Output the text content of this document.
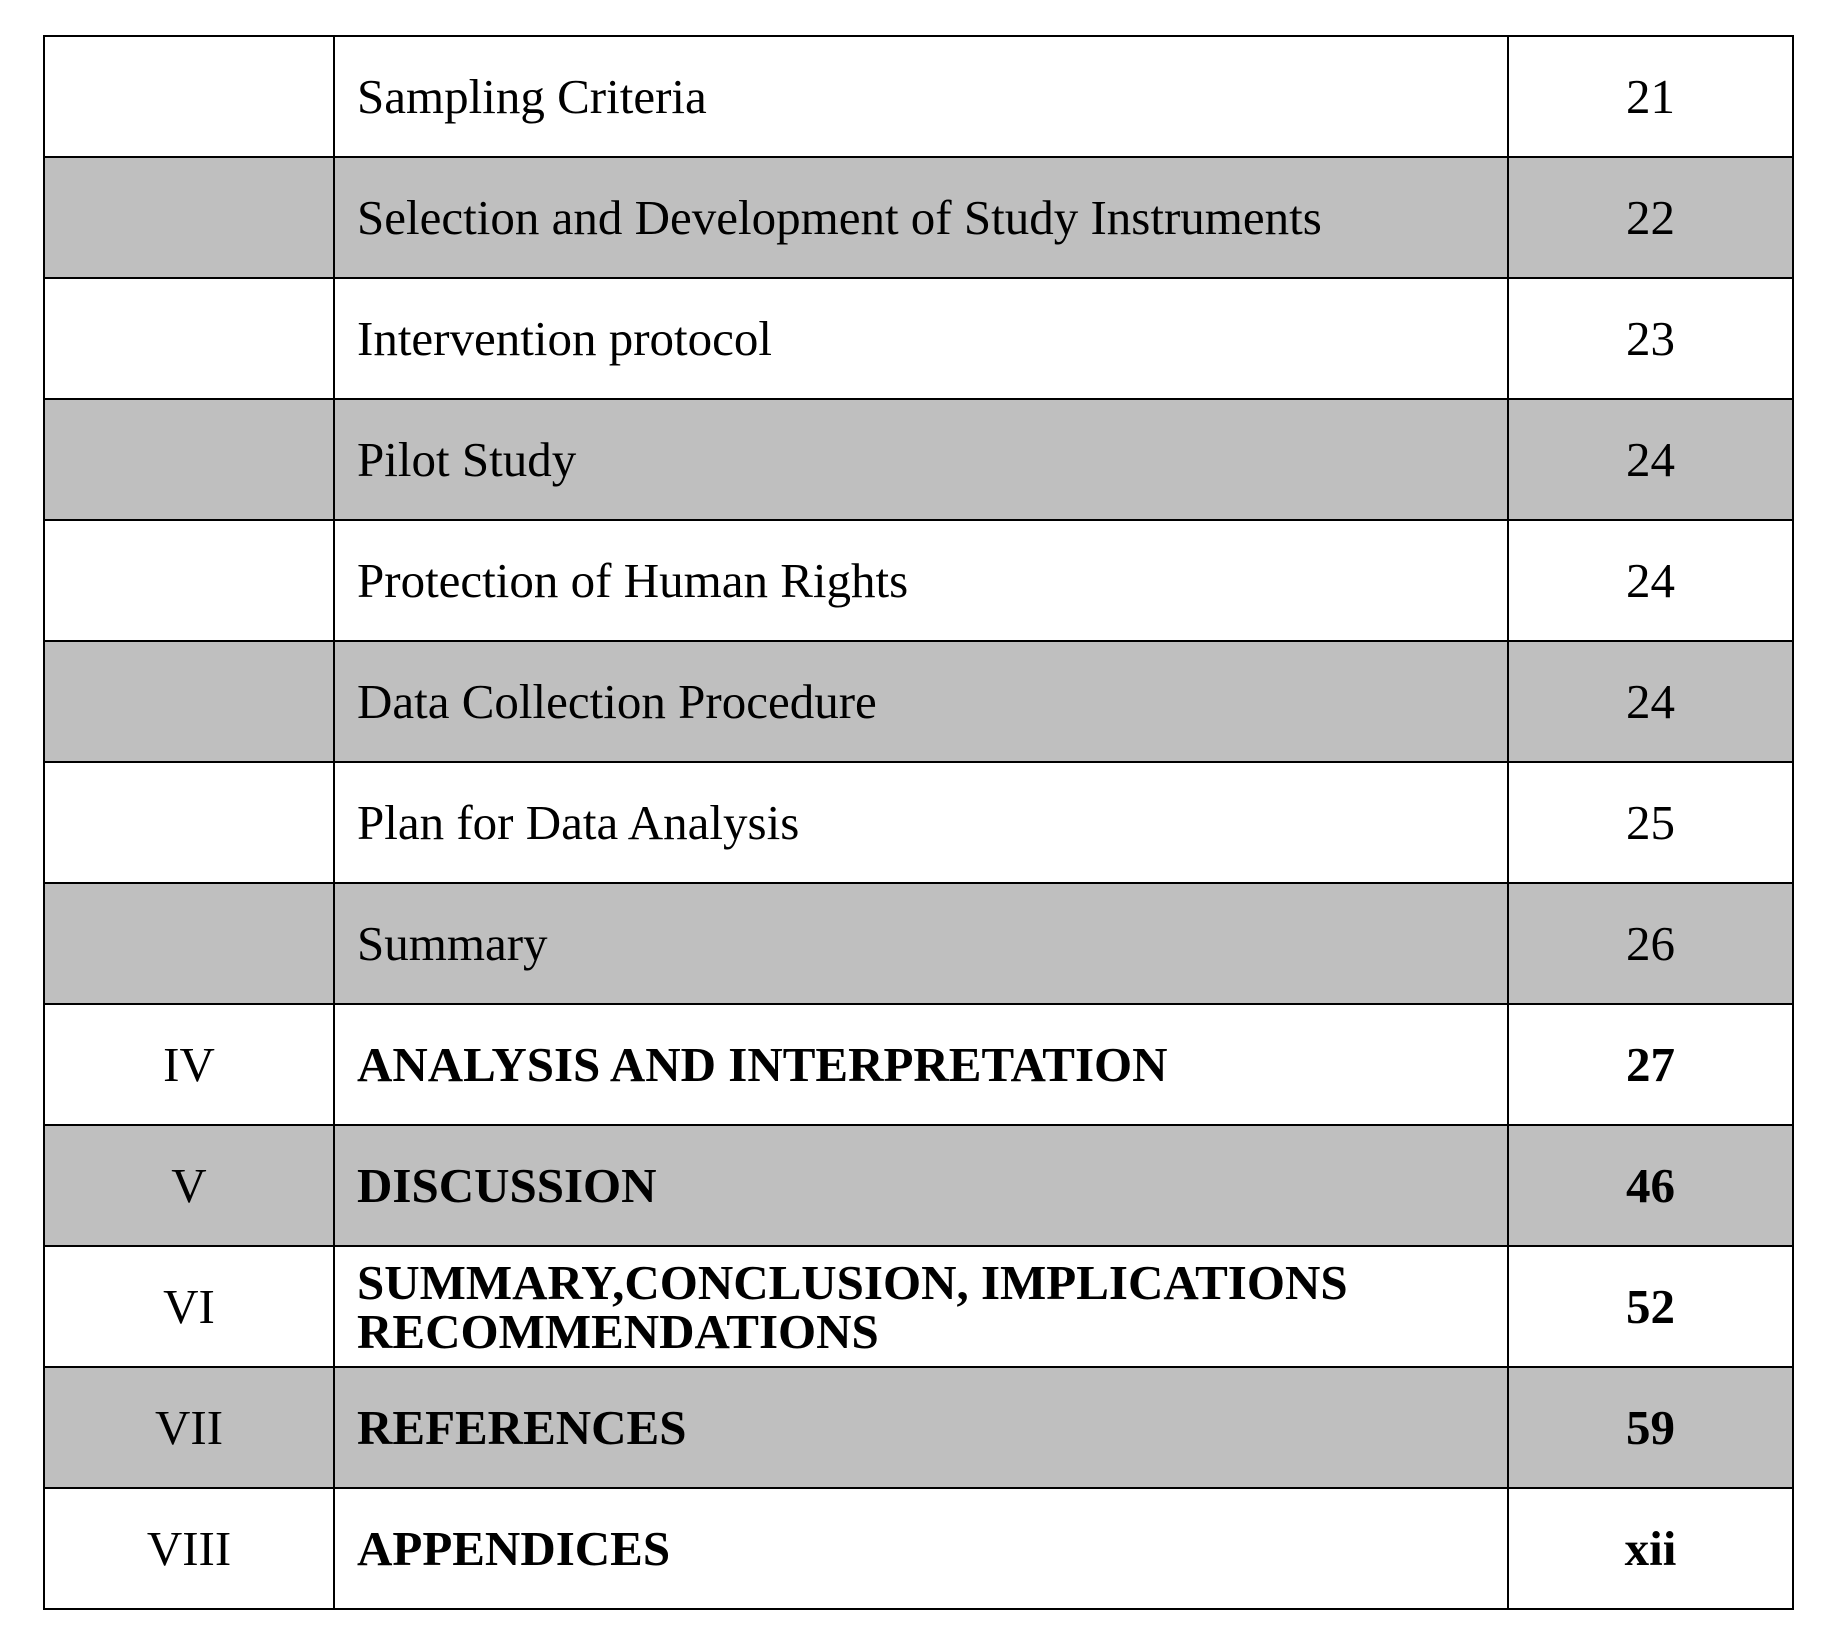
	Sampling Criteria	21
	Selection and Development of Study Instruments	22
	Intervention protocol	23
	Pilot Study	24
	Protection of Human Rights	24
	Data Collection Procedure	24
	Plan for Data Analysis	25
	Summary	26
IV	ANALYSIS AND INTERPRETATION	27
V	DISCUSSION	46
VI	SUMMARY,CONCLUSION, IMPLICATIONS
RECOMMENDATIONS	52
VII	REFERENCES	59
VIII	APPENDICES	xii
